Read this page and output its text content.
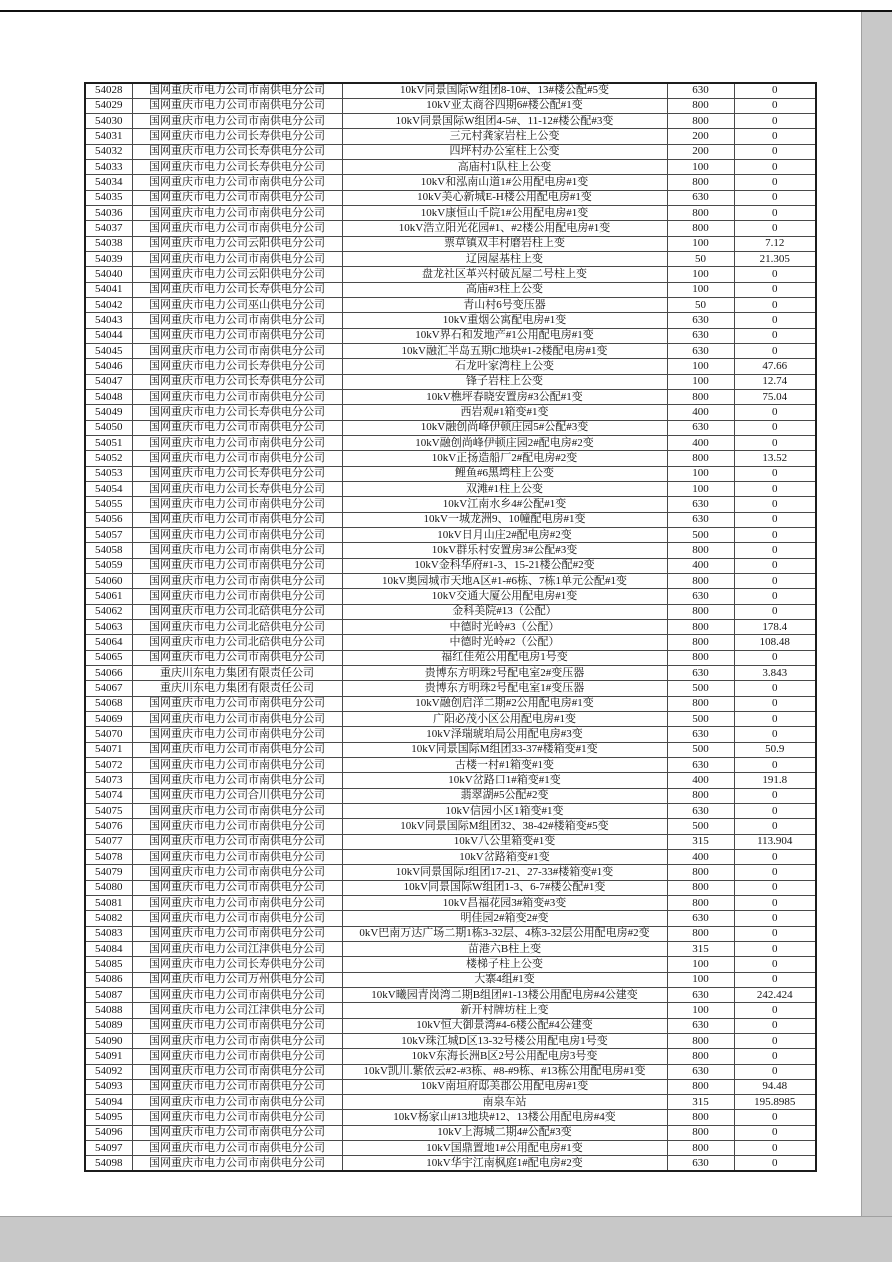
54028	国网重庆市电力公司市南供电分公司	10kV同景国际W组团8-10#、13#楼公配#5变	630	0
54029	国网重庆市电力公司市南供电分公司	10kV亚太商谷四期6#楼公配#1变	800	0
54030	国网重庆市电力公司市南供电分公司	10kV同景国际W组团4-5#、11-12#楼公配#3变	800	0
54031	国网重庆市电力公司长寿供电分公司	三元村龚家岩柱上公变	200	0
54032	国网重庆市电力公司长寿供电分公司	四坪村办公室柱上公变	200	0
54033	国网重庆市电力公司长寿供电分公司	高庙村1队柱上公变	100	0
54034	国网重庆市电力公司市南供电分公司	10kV和泓南山道1#公用配电房#1变	800	0
54035	国网重庆市电力公司市南供电分公司	10kV美心新城E-H楼公用配电房#1变	630	0
54036	国网重庆市电力公司市南供电分公司	10kV康恒山千院1#公用配电房#1变	800	0
54037	国网重庆市电力公司市南供电分公司	10kV浩立阳光花园#1、#2楼公用配电房#1变	800	0
54038	国网重庆市电力公司云阳供电分公司	票草镇双丰村磨岩柱上变	100	7.12
54039	国网重庆市电力公司市南供电分公司	辽园屋基柱上变	50	21.305
54040	国网重庆市电力公司云阳供电分公司	盘龙社区革兴村破瓦屋二号柱上变	100	0
54041	国网重庆市电力公司长寿供电分公司	高庙#3柱上公变	100	0
54042	国网重庆市电力公司巫山供电分公司	青山村6号变压器	50	0
54043	国网重庆市电力公司市南供电分公司	10kV重烟公寓配电房#1变	630	0
54044	国网重庆市电力公司市南供电分公司	10kV界石和发地产#1公用配电房#1变	630	0
54045	国网重庆市电力公司市南供电分公司	10kV融汇半岛五期C地块#1-2楼配电房#1变	630	0
54046	国网重庆市电力公司长寿供电分公司	石龙叶家湾柱上公变	100	47.66
54047	国网重庆市电力公司长寿供电分公司	锋子岩柱上公变	100	12.74
54048	国网重庆市电力公司市南供电分公司	10kV樵坪春晓安置房#3公配#1变	800	75.04
54049	国网重庆市电力公司长寿供电分公司	西岩观#1箱变#1变	400	0
54050	国网重庆市电力公司市南供电分公司	10kV融创尚峰伊顿庄园5#公配#3变	630	0
54051	国网重庆市电力公司市南供电分公司	10kV融创尚峰伊顿庄园2#配电房#2变	400	0
54052	国网重庆市电力公司市南供电分公司	10kV正扬造船厂2#配电房#2变	800	13.52
54053	国网重庆市电力公司长寿供电分公司	鲤鱼#6黑塆柱上公变	100	0
54054	国网重庆市电力公司长寿供电分公司	双滩#1柱上公变	100	0
54055	国网重庆市电力公司市南供电分公司	10kV江南水乡4#公配#1变	630	0
54056	国网重庆市电力公司市南供电分公司	10kV一城龙洲9、10幢配电房#1变	630	0
54057	国网重庆市电力公司市南供电分公司	10kV日月山庄2#配电房#2变	500	0
54058	国网重庆市电力公司市南供电分公司	10kV群乐村安置房3#公配#3变	800	0
54059	国网重庆市电力公司市南供电分公司	10kV金科华府#1-3、15-21楼公配#2变	400	0
54060	国网重庆市电力公司市南供电分公司	10kV奥园城市天地A区#1-#6栋、7栋1单元公配#1变	800	0
54061	国网重庆市电力公司市南供电分公司	10kV交通大厦公用配电房#1变	630	0
54062	国网重庆市电力公司北碚供电分公司	金科美院#13（公配）	800	0
54063	国网重庆市电力公司北碚供电分公司	中德时光岭#3（公配）	800	178.4
54064	国网重庆市电力公司北碚供电分公司	中德时光岭#2（公配）	800	108.48
54065	国网重庆市电力公司市南供电分公司	福红佳苑公用配电房1号变	800	0
54066	重庆川东电力集团有限责任公司	贵博东方明珠2号配电室2#变压器	630	3.843
54067	重庆川东电力集团有限责任公司	贵博东方明珠2号配电室1#变压器	500	0
54068	国网重庆市电力公司市南供电分公司	10kV融创启洋二期#2公用配电房#1变	800	0
54069	国网重庆市电力公司市南供电分公司	广阳必茂小区公用配电房#1变	500	0
54070	国网重庆市电力公司市南供电分公司	10kV泽瑞琥珀局公用配电房#3变	630	0
54071	国网重庆市电力公司市南供电分公司	10kV同景国际M组团33-37#楼箱变#1变	500	50.9
54072	国网重庆市电力公司市南供电分公司	古楼一村#1箱变#1变	630	0
54073	国网重庆市电力公司市南供电分公司	10kV岔路口1#箱变#1变	400	191.8
54074	国网重庆市电力公司合川供电分公司	翡翠湖#5公配#2变	800	0
54075	国网重庆市电力公司市南供电分公司	10kV信园小区1箱变#1变	630	0
54076	国网重庆市电力公司市南供电分公司	10kV同景国际M组团32、38-42#楼箱变#5变	500	0
54077	国网重庆市电力公司市南供电分公司	10kV八公里箱变#1变	315	113.904
54078	国网重庆市电力公司市南供电分公司	10kV岔路箱变#1变	400	0
54079	国网重庆市电力公司市南供电分公司	10kV同景国际J组团17-21、27-33#楼箱变#1变	800	0
54080	国网重庆市电力公司市南供电分公司	10kV同景国际W组团1-3、6-7#楼公配#1变	800	0
54081	国网重庆市电力公司市南供电分公司	10kV昌福花园3#箱变#3变	800	0
54082	国网重庆市电力公司市南供电分公司	明佳园2#箱变2#变	630	0
54083	国网重庆市电力公司市南供电分公司	0kV巴南万达广场二期1栋3-32层、4栋3-32层公用配电房#2变	800	0
54084	国网重庆市电力公司江津供电分公司	苗港六B柱上变	315	0
54085	国网重庆市电力公司长寿供电分公司	楼梯子柱上公变	100	0
54086	国网重庆市电力公司万州供电分公司	大寨4组#1变	100	0
54087	国网重庆市电力公司市南供电分公司	10kV曦园青岗湾二期B组团#1-13楼公用配电房#4公建变	630	242.424
54088	国网重庆市电力公司江津供电分公司	新开村牌坊柱上变	100	0
54089	国网重庆市电力公司市南供电分公司	10kV恒大御景湾#4-6楼公配#4公建变	630	0
54090	国网重庆市电力公司市南供电分公司	10kV珠江城D区13-32号楼公用配电房1号变	800	0
54091	国网重庆市电力公司市南供电分公司	10kV东海长洲B区2号公用配电房3号变	800	0
54092	国网重庆市电力公司市南供电分公司	10kV凯川.紫依云#2-#3栋、#8-#9栋、#13栋公用配电房#1变	630	0
54093	国网重庆市电力公司市南供电分公司	10kV南垣府邸美郡公用配电房#1变	800	94.48
54094	国网重庆市电力公司市南供电分公司	南泉车站	315	195.8985
54095	国网重庆市电力公司市南供电分公司	10kV杨家山#13地块#12、13楼公用配电房#4变	800	0
54096	国网重庆市电力公司市南供电分公司	10kV上海城二期4#公配#3变	800	0
54097	国网重庆市电力公司市南供电分公司	10kV国鼎置地1#公用配电房#1变	800	0
54098	国网重庆市电力公司市南供电分公司	10kV华宇江南枫庭1#配电房#2变	630	0
